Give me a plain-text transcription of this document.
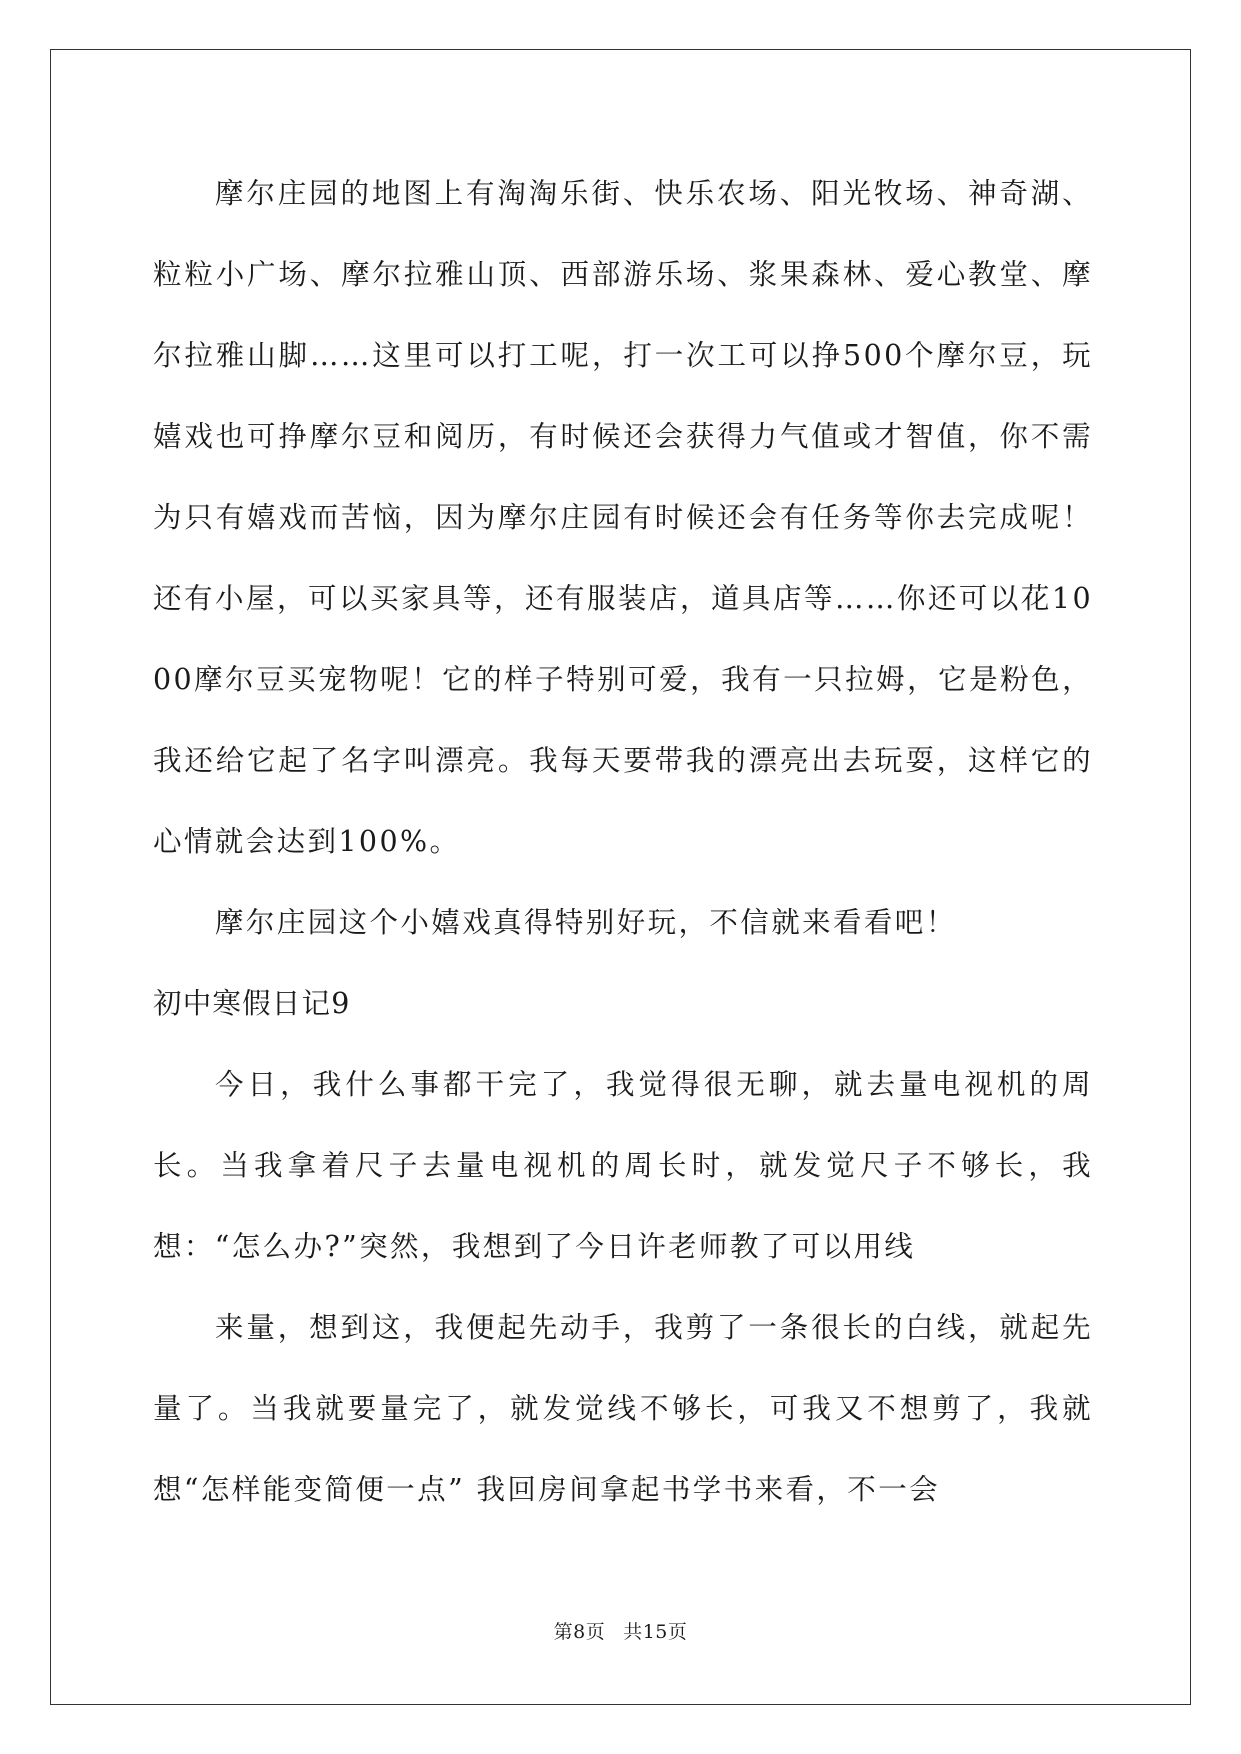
摩尔庄园的地图上有淘淘乐街、快乐农场、阳光牧场、神奇湖、粒粒小广场、摩尔拉雅山顶、西部游乐场、浆果森林、爱心教堂、摩尔拉雅山脚……这里可以打工呢，打一次工可以挣500个摩尔豆，玩嬉戏也可挣摩尔豆和阅历，有时候还会获得力气值或才智值，你不需为只有嬉戏而苦恼，因为摩尔庄园有时候还会有任务等你去完成呢！还有小屋，可以买家具等，还有服装店，道具店等……你还可以花1000摩尔豆买宠物呢！它的样子特别可爱，我有一只拉姆，它是粉色，我还给它起了名字叫漂亮。我每天要带我的漂亮出去玩耍，这样它的心情就会达到100%。

摩尔庄园这个小嬉戏真得特别好玩，不信就来看看吧！

初中寒假日记9

今日，我什么事都干完了，我觉得很无聊，就去量电视机的周长。当我拿着尺子去量电视机的周长时，就发觉尺子不够长，我想：“怎么办?”突然，我想到了今日许老师教了可以用线

来量，想到这，我便起先动手，我剪了一条很长的白线，就起先量了。当我就要量完了，就发觉线不够长，可我又不想剪了，我就想“怎样能变简便一点” 我回房间拿起书学书来看，不一会

第8页 共15页
